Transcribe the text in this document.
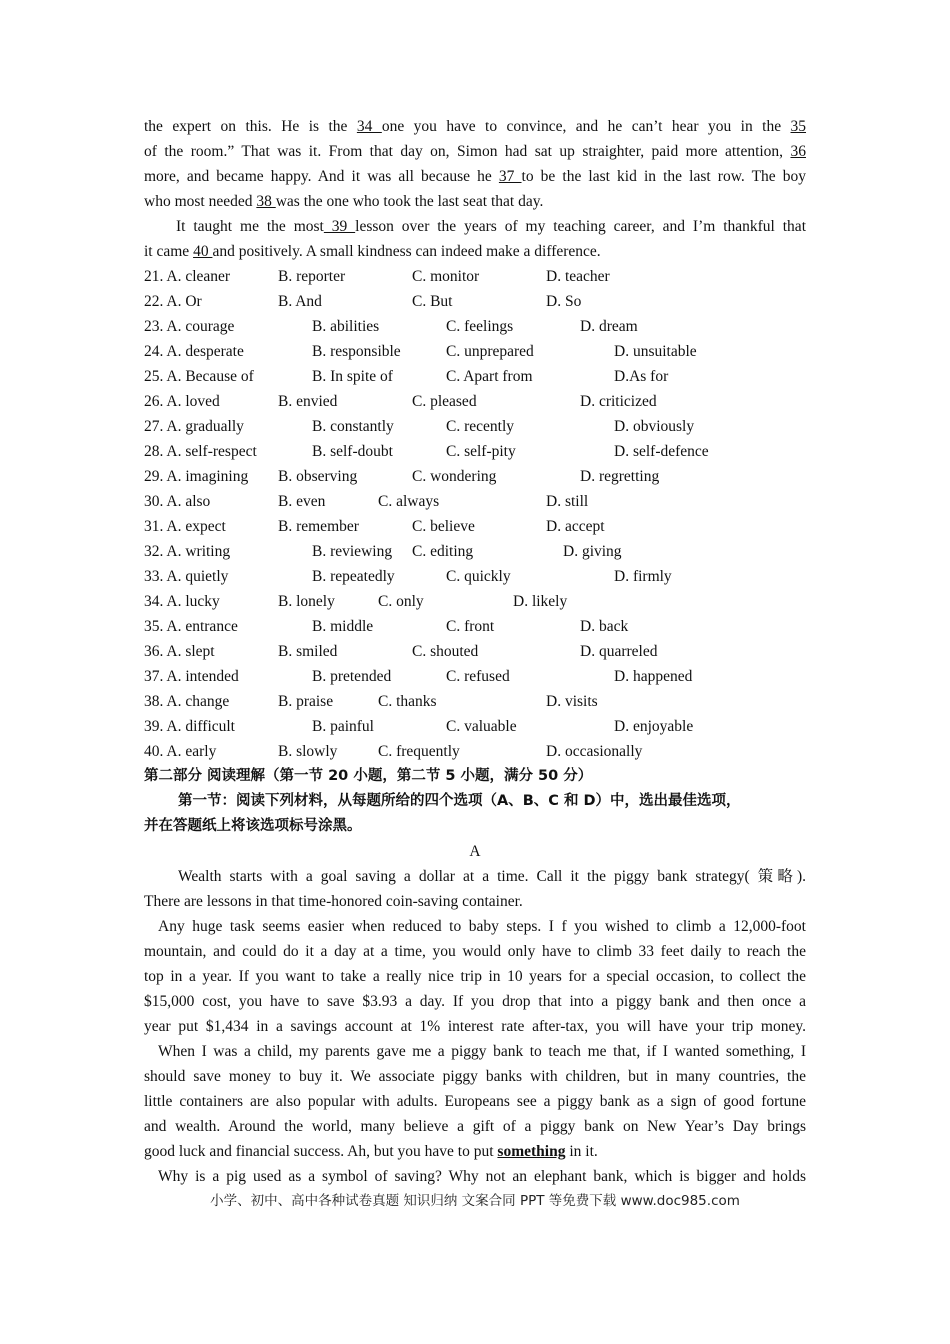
the expert on this. He is the 34 one you have to convince, and he can’t hear you in the 35
of the room.” That was it. From that day on, Simon had sat up straighter, paid more attention, 36
more, and became happy. And it was all because he 37 to be the last kid in the last row. The boy
who most needed 38 was the one who took the last seat that day.
It taught me the most 39 lesson over the years of my teaching career, and I’m thankful that
it came 40 and positively. A small kindness can indeed make a difference.
21. A. cleaner	B. reporter	C. monitor	D. teacher
22. A. Or	B. And	C. But	D. So
23. A. courage	B. abilities	C. feelings	D. dream
24. A. desperate	B. responsible	C. unprepared	D. unsuitable
25. A. Because of	B. In spite of	C. Apart from	D.As for
26. A. loved	B. envied	C. pleased	D. criticized
27. A. gradually	B. constantly	C. recently	D. obviously
28. A. self-respect	B. self-doubt	C. self-pity	D. self-defence
29. A. imagining B. observing	C. wondering	D. regretting
30. A. also	B. even	C. always	D. still
31. A. expect	B. remember	C. believe	D. accept
32. A. writing	B. reviewing C. editing	D. giving
33. A. quietly	B. repeatedly	C. quickly	D. firmly
34. A. lucky	B. lonely	C. only	D. likely
35. A. entrance	B. middle	C. front	D. back
36. A. slept	B. smiled	C. shouted	D. quarreled
37. A. intended	B. pretended	C. refused	D. happened
38. A. change	B. praise	C. thanks	D. visits
39. A. difficult	B. painful	C. valuable	D. enjoyable
40. A. early	B. slowly	C. frequently	D. occasionally
第二部分 阅读理解（第一节 20 小题，第二节 5 小题，满分 50 分）
第一节：阅读下列材料，从每题所给的四个选项（A、B、C 和 D）中，选出最佳选项，
并在答题纸上将该选项标号涂黑。
A
Wealth starts with a goal saving a dollar at a time. Call it the piggy bank strategy( 策略).
There are lessons in that time-honored coin-saving container.
Any huge task seems easier when reduced to baby steps. I f you wished to climb a 12,000-foot
mountain, and could do it a day at a time, you would only have to climb 33 feet daily to reach the
top in a year. If you want to take a really nice trip in 10 years for a special occasion, to collect the
$15,000 cost, you have to save $3.93 a day. If you drop that into a piggy bank and then once a
year put $1,434 in a savings account at 1% interest rate after-tax, you will have your trip money.
When I was a child, my parents gave me a piggy bank to teach me that, if I wanted something, I
should save money to buy it. We associate piggy banks with children, but in many countries, the
little containers are also popular with adults. Europeans see a piggy bank as a sign of good fortune
and wealth. Around the world, many believe a gift of a piggy bank on New Year’s Day brings
good luck and financial success. Ah, but you have to put something in it.
Why is a pig used as a symbol of saving? Why not an elephant bank, which is bigger and holds
小学、初中、高中各种试卷真题 知识归纳 文案合同 PPT 等免费下载 www.doc985.com
